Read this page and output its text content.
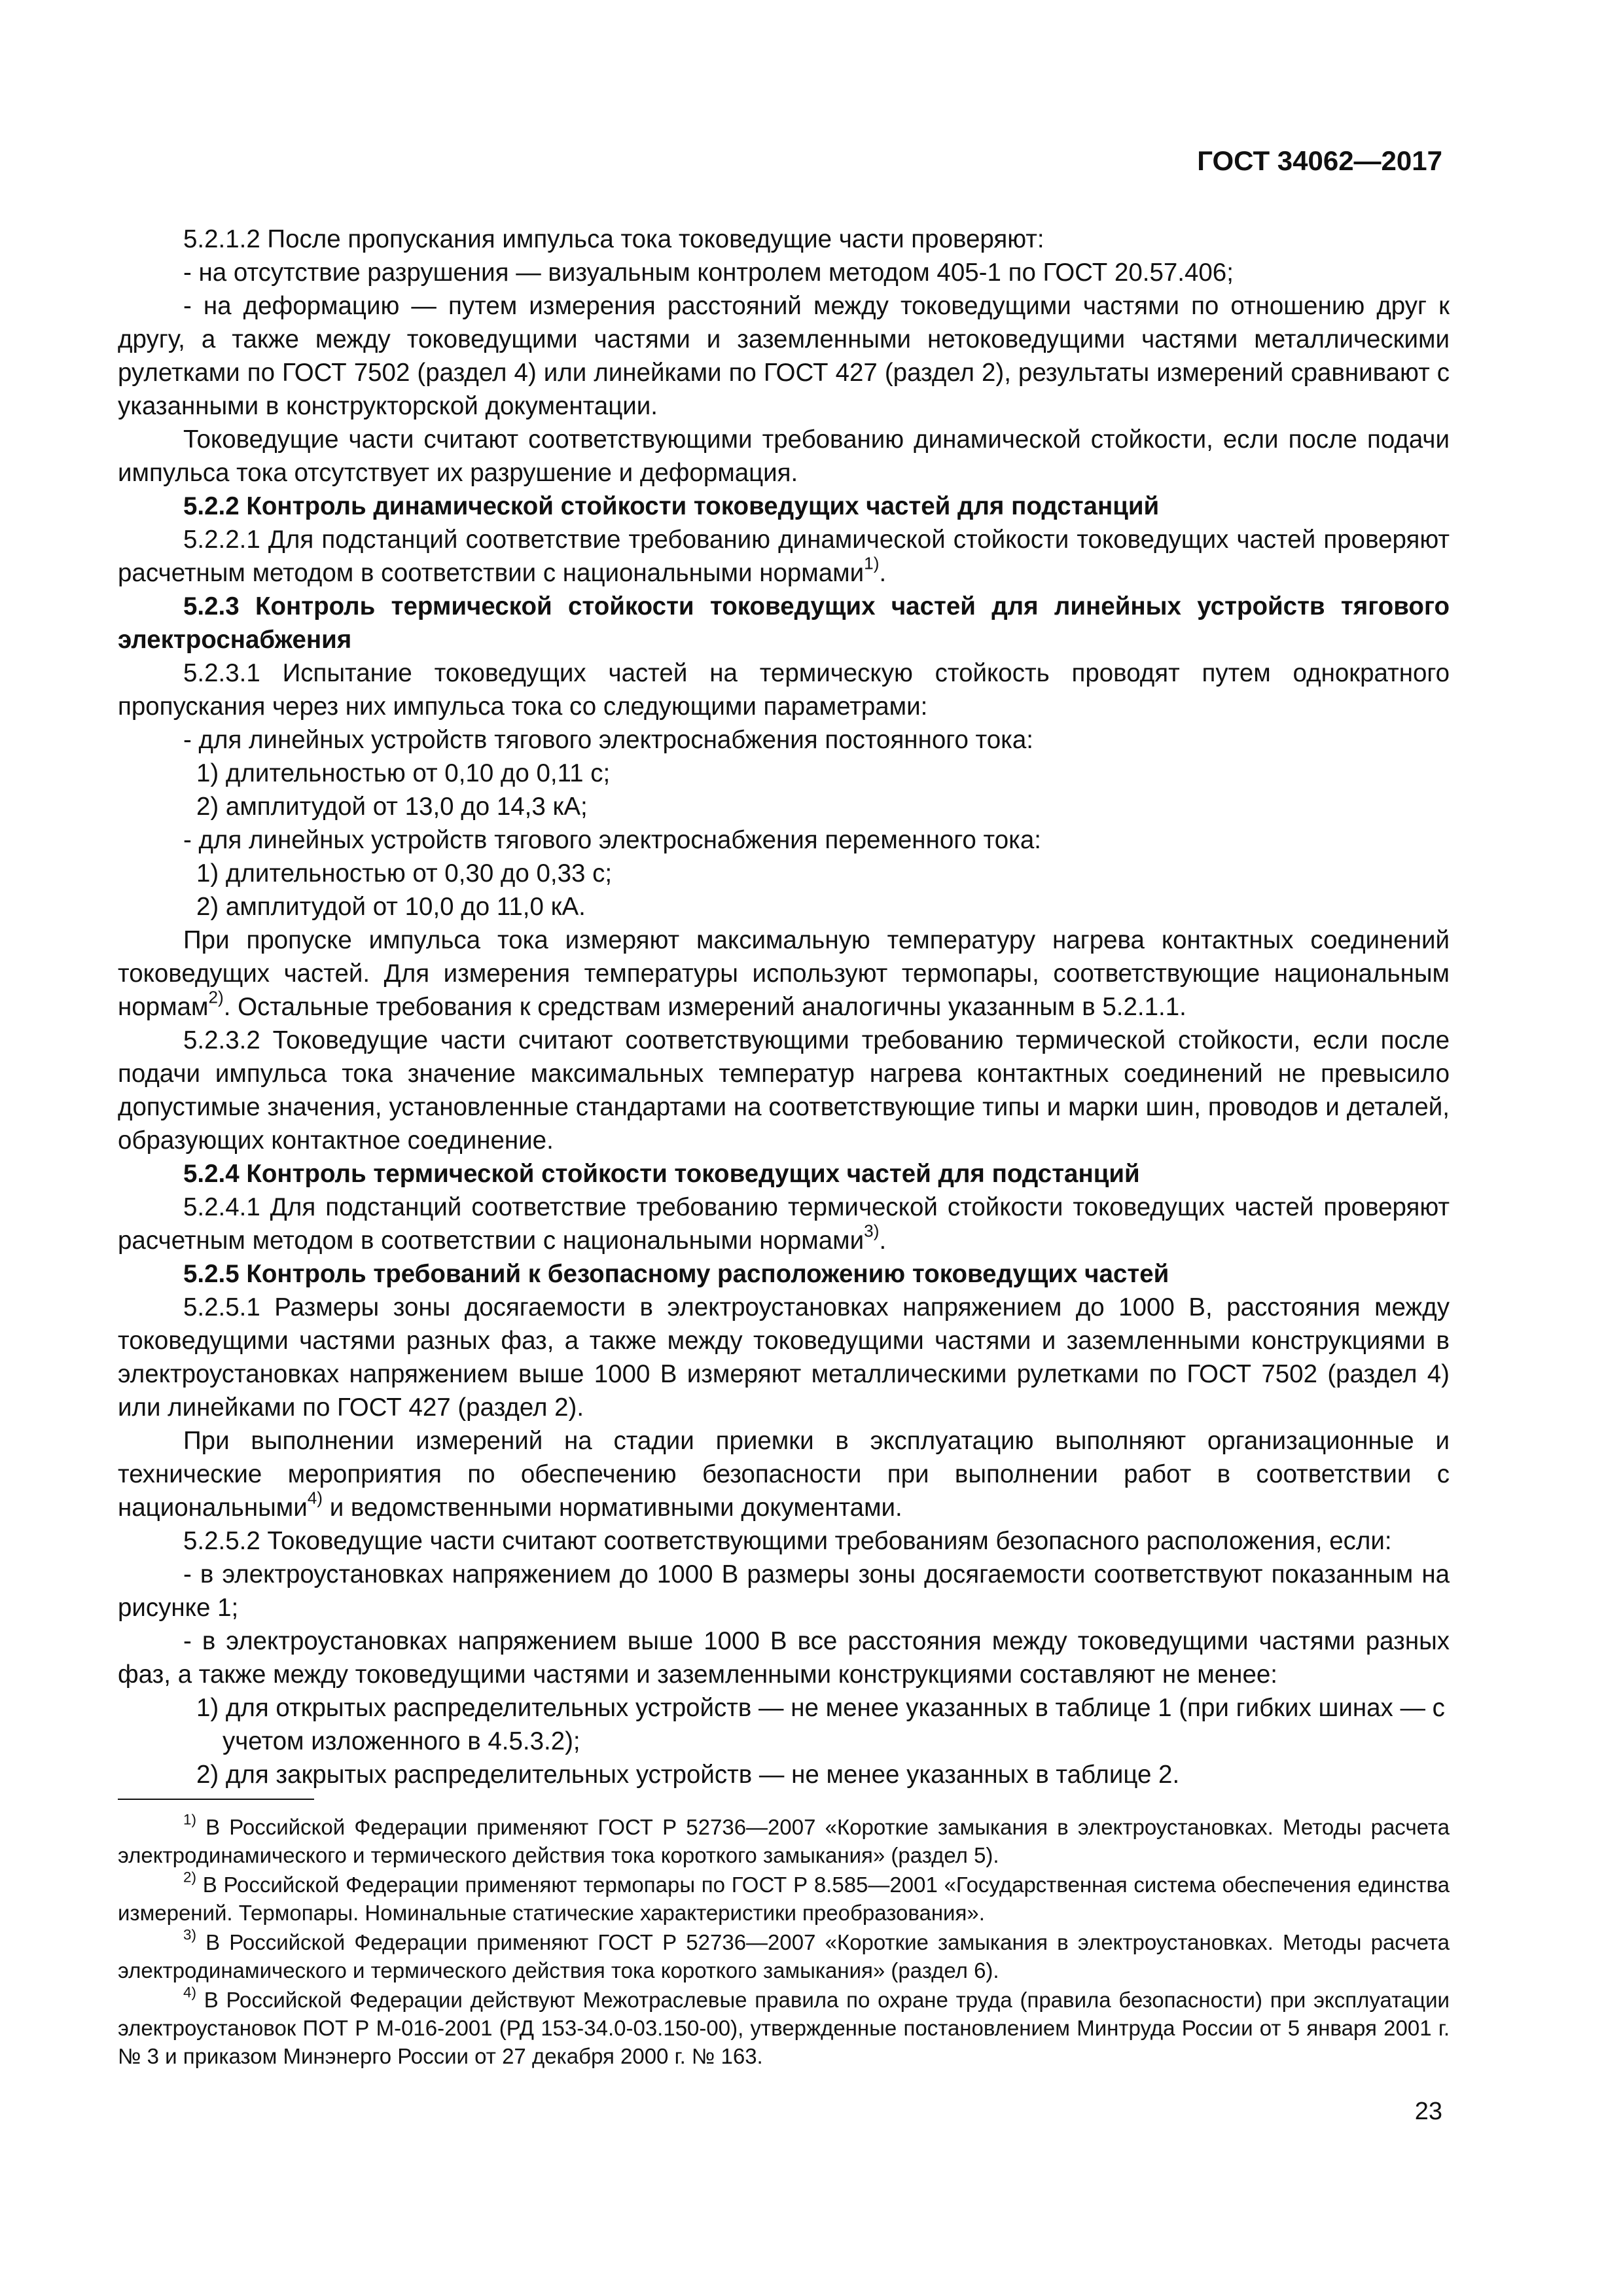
ГОСТ 34062—2017

5.2.1.2 После пропускания импульса тока токоведущие части проверяют:

- на отсутствие разрушения — визуальным контролем методом 405-1 по ГОСТ 20.57.406;

- на деформацию — путем измерения расстояний между токоведущими частями по отношению друг к другу, а также между токоведущими частями и заземленными нетоковедущими частями металлическими рулетками по ГОСТ 7502 (раздел 4) или линейками по ГОСТ 427 (раздел 2), результаты измерений сравнивают с указанными в конструкторской документации.

Токоведущие части считают соответствующими требованию динамической стойкости, если после подачи импульса тока отсутствует их разрушение и деформация.

5.2.2 Контроль динамической стойкости токоведущих частей для подстанций

5.2.2.1 Для подстанций соответствие требованию динамической стойкости токоведущих частей проверяют расчетным методом в соответствии с национальными нормами$^{1)}$.

5.2.3 Контроль термической стойкости токоведущих частей для линейных устройств тягового электроснабжения

5.2.3.1 Испытание токоведущих частей на термическую стойкость проводят путем однократного пропускания через них импульса тока со следующими параметрами:

- для линейных устройств тягового электроснабжения постоянного тока:

1) длительностью от 0,10 до 0,11 с;

2) амплитудой от 13,0 до 14,3 кА;

- для линейных устройств тягового электроснабжения переменного тока:

1) длительностью от 0,30 до 0,33 с;

2) амплитудой от 10,0 до 11,0 кА.

При пропуске импульса тока измеряют максимальную температуру нагрева контактных соединений токоведущих частей. Для измерения температуры используют термопары, соответствующие национальным нормам$^{2)}$. Остальные требования к средствам измерений аналогичны указанным в 5.2.1.1.

5.2.3.2 Токоведущие части считают соответствующими требованию термической стойкости, если после подачи импульса тока значение максимальных температур нагрева контактных соединений не превысило допустимые значения, установленные стандартами на соответствующие типы и марки шин, проводов и деталей, образующих контактное соединение.

5.2.4 Контроль термической стойкости токоведущих частей для подстанций

5.2.4.1 Для подстанций соответствие требованию термической стойкости токоведущих частей проверяют расчетным методом в соответствии с национальными нормами$^{3)}$.

5.2.5 Контроль требований к безопасному расположению токоведущих частей

5.2.5.1 Размеры зоны досягаемости в электроустановках напряжением до 1000 В, расстояния между токоведущими частями разных фаз, а также между токоведущими частями и заземленными конструкциями в электроустановках напряжением выше 1000 В измеряют металлическими рулетками по ГОСТ 7502 (раздел 4) или линейками по ГОСТ 427 (раздел 2).

При выполнении измерений на стадии приемки в эксплуатацию выполняют организационные и технические мероприятия по обеспечению безопасности при выполнении работ в соответствии с национальными$^{4)}$ и ведомственными нормативными документами.

5.2.5.2 Токоведущие части считают соответствующими требованиям безопасного расположения, если:

- в электроустановках напряжением до 1000 В размеры зоны досягаемости соответствуют показанным на рисунке 1;

- в электроустановках напряжением выше 1000 В все расстояния между токоведущими частями разных фаз, а также между токоведущими частями и заземленными конструкциями составляют не менее:

1) для открытых распределительных устройств — не менее указанных в таблице 1 (при гибких шинах — с учетом изложенного в 4.5.3.2);

2) для закрытых распределительных устройств — не менее указанных в таблице 2.

$^{1)}$ В Российской Федерации применяют ГОСТ Р 52736—2007 «Короткие замыкания в электроустановках. Методы расчета электродинамического и термического действия тока короткого замыкания» (раздел 5).

$^{2)}$ В Российской Федерации применяют термопары по ГОСТ Р 8.585—2001 «Государственная система обеспечения единства измерений. Термопары. Номинальные статические характеристики преобразования».

$^{3)}$ В Российской Федерации применяют ГОСТ Р 52736—2007 «Короткие замыкания в электроустановках. Методы расчета электродинамического и термического действия тока короткого замыкания» (раздел 6).

$^{4)}$ В Российской Федерации действуют Межотраслевые правила по охране труда (правила безопасности) при эксплуатации электроустановок ПОТ Р М-016-2001 (РД 153-34.0-03.150-00), утвержденные постановлением Минтруда России от 5 января 2001 г. № 3 и приказом Минэнерго России от 27 декабря 2000 г. № 163.

23
